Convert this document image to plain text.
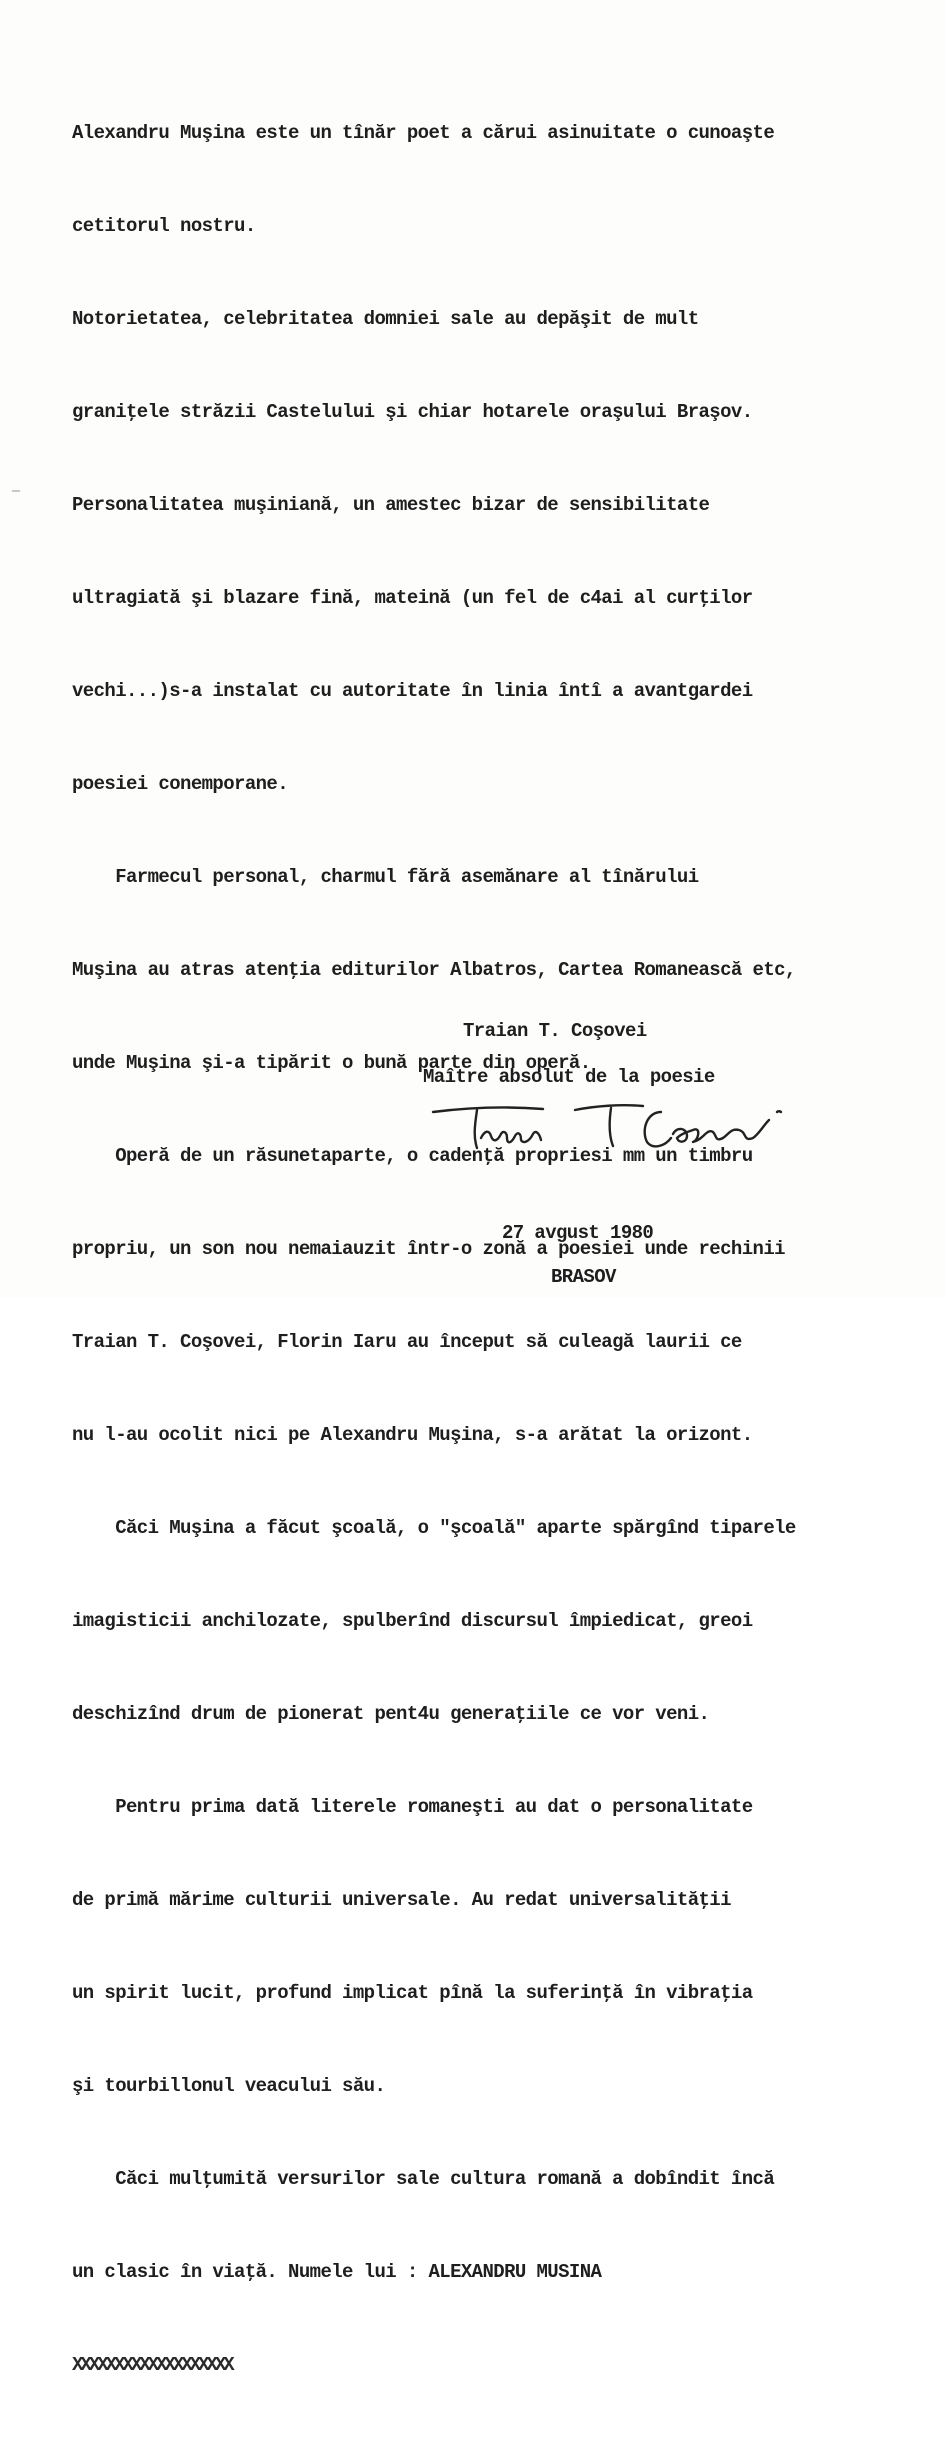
Alexandru Muşina este un tînăr poet a cărui asinuitate o cunoaşte

cetitorul nostru.

Notorietatea, celebritatea domniei sale au depăşit de mult

graniţele străzii Castelului şi chiar hotarele oraşului Braşov.

Personalitatea muşiniană, un amestec bizar de sensibilitate

ultragiată şi blazare fină, mateină (un fel de c4ai al curţilor

vechi...)s-a instalat cu autoritate în linia întî a avantgardei

poesiei conemporane.

Farmecul personal, charmul fără asemănare al tînărului

Muşina au atras atenţia editurilor Albatros, Cartea Romanească etc,

unde Muşina şi-a tipărit o bună parte din operă.

Operă de un răsunetaparte, o cadenţă propriesi mm un timbru

propriu, un son nou nemaiauzit într-o zonă a poesiei unde rechinii

Traian T. Coşovei, Florin Iaru au început să culeagă laurii ce

nu l-au ocolit nici pe Alexandru Muşina, s-a arătat la orizont.

Căci Muşina a făcut şcoală, o "şcoală" aparte spărgînd tiparele

imagisticii anchilozate, spulberînd discursul împiedicat, greoi

deschizînd drum de pionerat pent4u generaţiile ce vor veni.

Pentru prima dată literele romaneşti au dat o personalitate

de primă mărime culturii universale. Au redat universalităţii

un spirit lucit, profund implicat pînă la suferinţă în vibraţia

şi tourbillonul veacului său.

Căci mulţumită versurilor sale cultura romană a dobîndit încă

un clasic în viaţă. Numele lui : ALEXANDRU MUSINA

XXXXXXXXXXXXXXXXXXX

Traian T. Coşovei
Maître absolut de la poesie
27 avgust 1980
BRASOV
